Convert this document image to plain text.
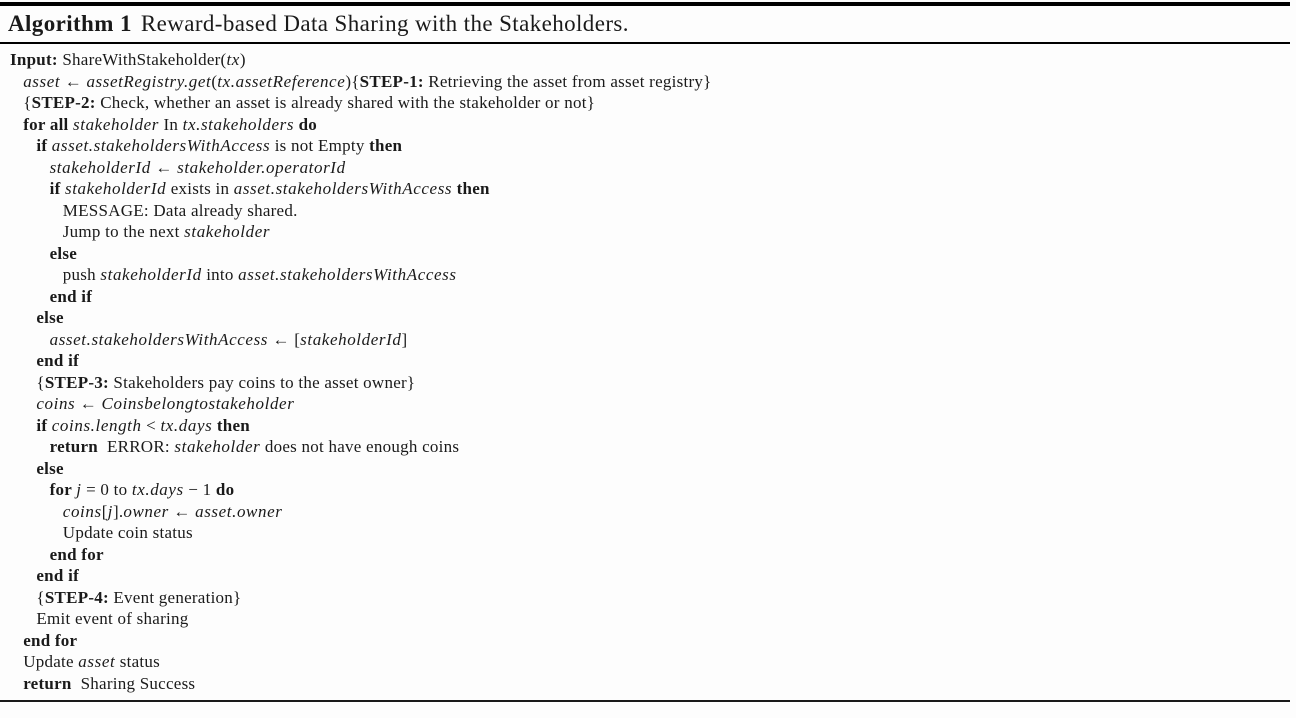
Algorithm 1 Reward-based Data Sharing with the Stakeholders.
Input: ShareWithStakeholder(tx)
asset ← assetRegistry.get(tx.assetReference){STEP-1: Retrieving the asset from asset registry}
{STEP-2: Check, whether an asset is already shared with the stakeholder or not}
for all stakeholder In tx.stakeholders do
if asset.stakeholdersWithAccess is not Empty then
stakeholderId ← stakeholder.operatorId
if stakeholderId exists in asset.stakeholdersWithAccess then
MESSAGE: Data already shared.
Jump to the next stakeholder
else
push stakeholderId into asset.stakeholdersWithAccess
end if
else
asset.stakeholdersWithAccess ← [stakeholderId]
end if
{STEP-3: Stakeholders pay coins to the asset owner}
coins ← Coinsbelongtostakeholder
if coins.length < tx.days then
return  ERROR: stakeholder does not have enough coins
else
for j = 0 to tx.days − 1 do
coins[j].owner ← asset.owner
Update coin status
end for
end if
{STEP-4: Event generation}
Emit event of sharing
end for
Update asset status
return  Sharing Success
